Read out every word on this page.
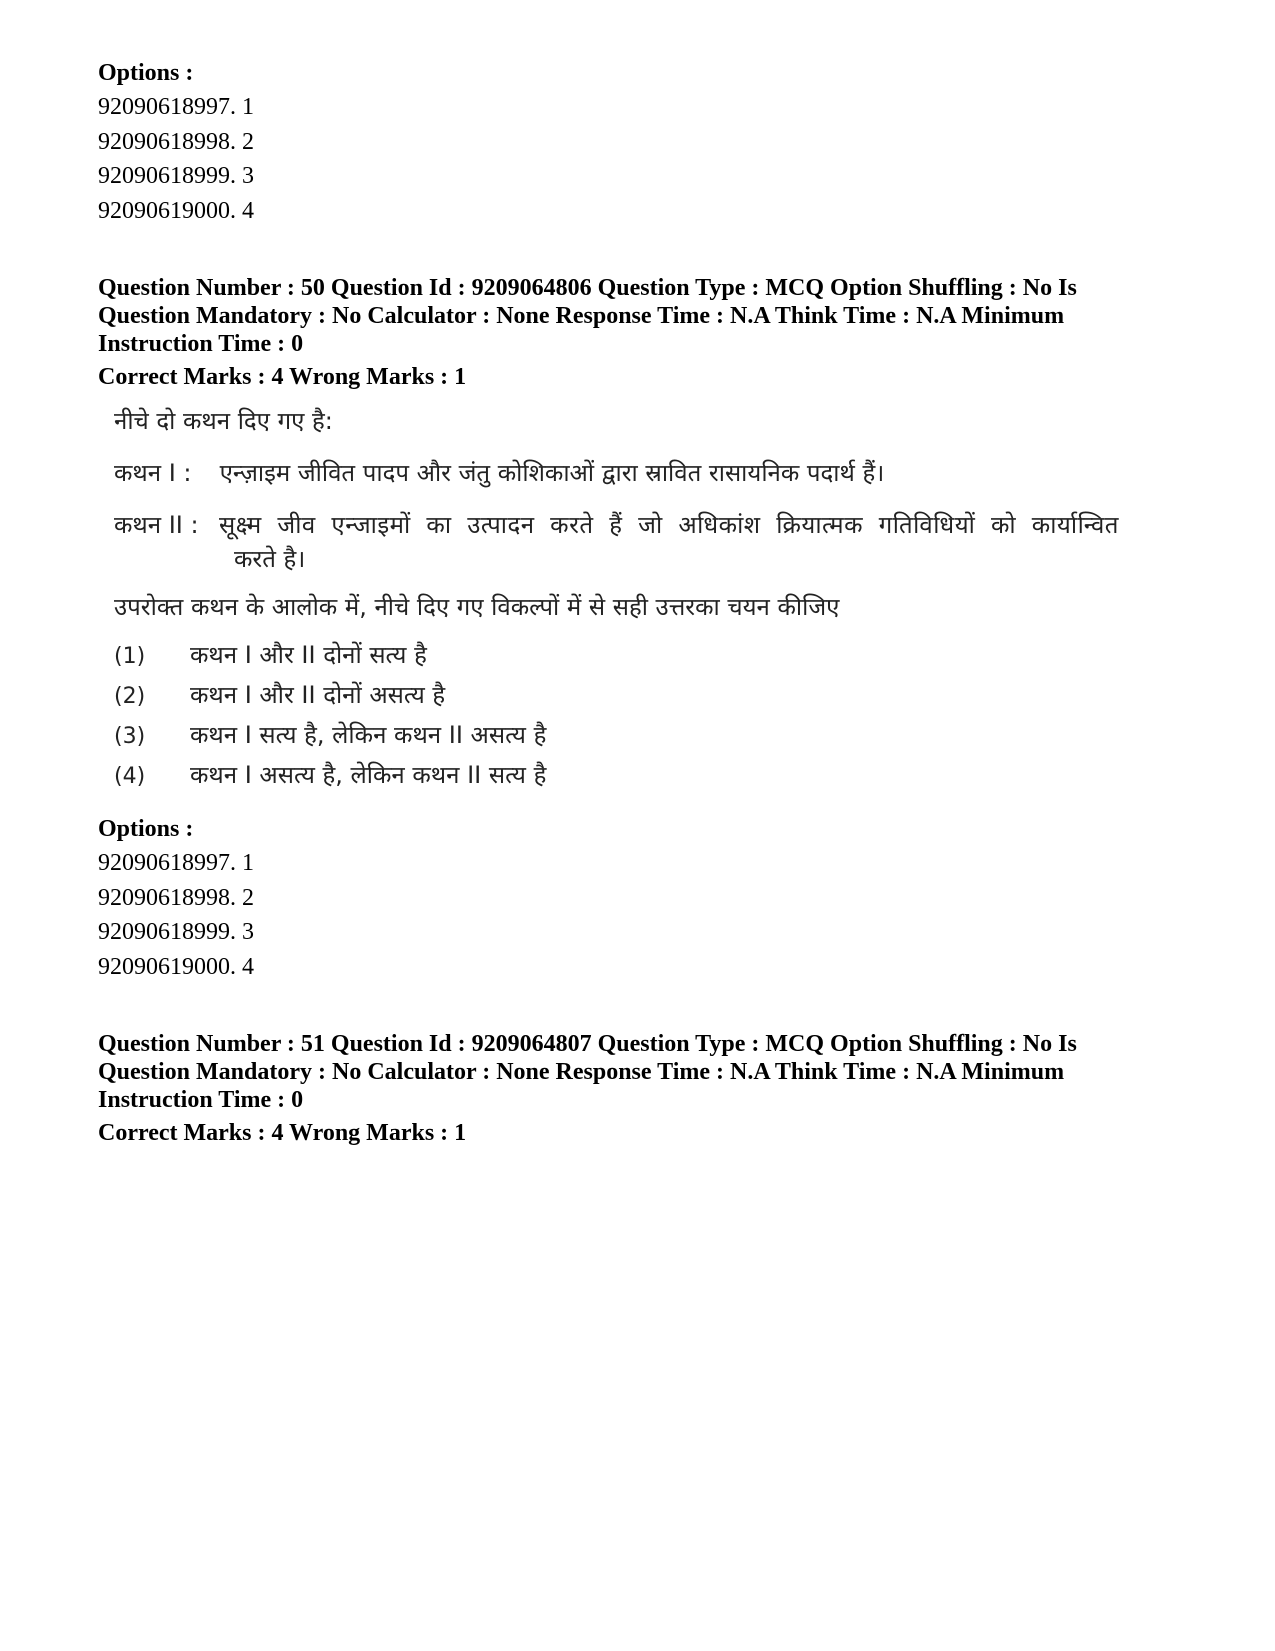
Options :
92090618997. 1
92090618998. 2
92090618999. 3
92090619000. 4
Question Number : 50 Question Id : 9209064806 Question Type : MCQ Option Shuffling : No Is
Question Mandatory : No Calculator : None Response Time : N.A Think Time : N.A Minimum
Instruction Time : 0
Correct Marks : 4 Wrong Marks : 1
नीचे दो कथन दिए गए है:
कथन I : एन्ज़ाइम जीवित पादप और जंतु कोशिकाओं द्वारा स्रावित रासायनिक पदार्थ हैं।
कथन II : सूक्ष्म जीव एन्जाइमों का उत्पादन करते हैं जो अधिकांश क्रियात्मक गतिविधियों को कार्यान्वित
करते है।
उपरोक्त कथन के आलोक में, नीचे दिए गए विकल्पों में से सही उत्तरका चयन कीजिए
(1) कथन I और II दोनों सत्य है
(2) कथन I और II दोनों असत्य है
(3) कथन I सत्य है, लेकिन कथन II असत्य है
(4) कथन I असत्य है, लेकिन कथन II सत्य है
Options :
92090618997. 1
92090618998. 2
92090618999. 3
92090619000. 4
Question Number : 51 Question Id : 9209064807 Question Type : MCQ Option Shuffling : No Is
Question Mandatory : No Calculator : None Response Time : N.A Think Time : N.A Minimum
Instruction Time : 0
Correct Marks : 4 Wrong Marks : 1
